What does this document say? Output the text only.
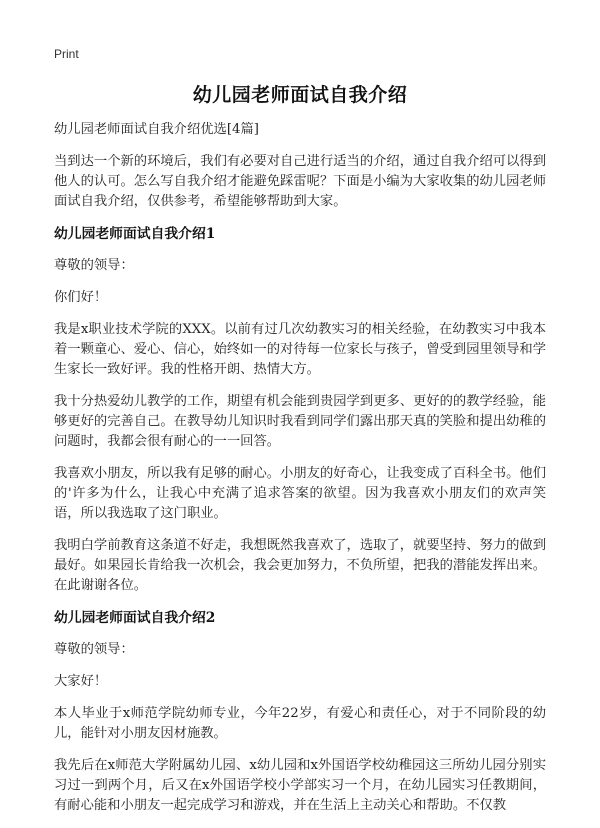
Print
幼儿园老师面试自我介绍

幼儿园老师面试自我介绍优选[4篇]

当到达一个新的环境后，我们有必要对自己进行适当的介绍，通过自我介绍可以得到他人的认可。怎么写自我介绍才能避免踩雷呢？下面是小编为大家收集的幼儿园老师面试自我介绍，仅供参考，希望能够帮助到大家。

幼儿园老师面试自我介绍1

尊敬的领导：

你们好！

我是x职业技术学院的XXX。以前有过几次幼教实习的相关经验，在幼教实习中我本着一颗童心、爱心、信心，始终如一的对待每一位家长与孩子，曾受到园里领导和学生家长一致好评。我的性格开朗、热情大方。

我十分热爱幼儿教学的工作，期望有机会能到贵园学到更多、更好的的教学经验，能够更好的完善自己。在教导幼儿知识时我看到同学们露出那天真的笑脸和提出幼稚的问题时，我都会很有耐心的一一回答。

我喜欢小朋友，所以我有足够的耐心。小朋友的好奇心，让我变成了百科全书。他们的'许多为什么，让我心中充满了追求答案的欲望。因为我喜欢小朋友们的欢声笑语，所以我选取了这门职业。

我明白学前教育这条道不好走，我想既然我喜欢了，选取了，就要坚持、努力的做到最好。如果园长肯给我一次机会，我会更加努力，不负所望，把我的潜能发挥出来。在此谢谢各位。

幼儿园老师面试自我介绍2

尊敬的领导：

大家好！

本人毕业于x师范学院幼师专业，今年22岁，有爱心和责任心，对于不同阶段的幼儿，能针对小朋友因材施教。

我先后在x师范大学附属幼儿园、x幼儿园和x外国语学校幼稚园这三所幼儿园分别实习过一到两个月，后又在x外国语学校小学部实习一个月，在幼儿园实习任教期间，有耐心能和小朋友一起完成学习和游戏，并在生活上主动关心和帮助。不仅教
